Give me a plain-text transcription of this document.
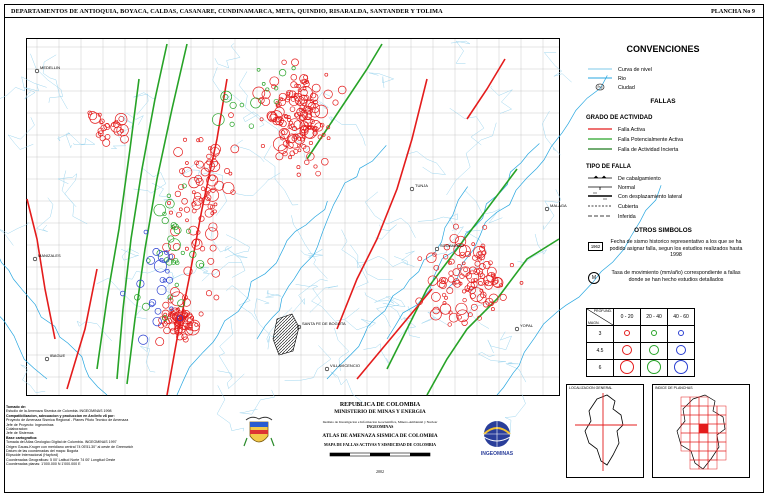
DEPARTAMENTOS DE ANTIOQUIA, BOYACA, CALDAS, CASANARE, CUNDINAMARCA, META, QUINDIO, RISARALDA, SANTANDER Y TOLIMA	PLANCHA No 9
MEDELLIN
MANIZALES
IBAGUE
SANTA FE DE BOGOTA
TUNJA
MALAGA
SOGAMOSO
YOPAL
VILLAVICENCIO
CONVENCIONES
Curva de nivel
Rio
Ciudad
FALLAS
GRADO DE ACTIVIDAD
Falla Activa
Falla Potencialmente Activa
Falla de Actividad Incierta
TIPO DE FALLA
De cabalgamiento
Normal
Con desplazamiento lateral
Cubierta
Inferida
OTROS SIMBOLOS
1962
Fecha de sismo historico representativo a los que se ha podido asignar falla, segun los estudios realizados hasta 1998
M
Tasa de movimiento (mm/año) correspondiente a fallas donde se han hecho estudios detallados
PROFUND.
MAGN.	0 - 20	20 - 40	40 - 60
3			
4.5			
6			
LOCALIZACION GENERAL	INDICE DE PLANCHAS
Tomado de:
Estudio de la Amenaza Sismica de Colombia. INGEOMINAS 1998
Compatibilizacion, adecuacion y produccion en Arc/info v8 por:
Proyecto de Amenaza Sismica Regional - Planes Piloto Tecnico de Amenaza
Jefe de Proyecto: Ingeominas
Colaboracion:
Jefe de Sistemas
Base cartografica:
Tomada del Atlas Geologico Digital de Colombia. INGEOMINAS 1997
Origen Gauss-Kruger con meridiano central 74 05'51.30" al oeste de Greenwich
Datum de las coordenadas del mapa: Bogota
Elipsoide Internacional (Hayford)
Coordenadas Geograficas: 5 00' Latitud Norte 74 00' Longitud Oeste
Coordenadas planas: 1'000.000 N 1'000.000 E
INGEOMINAS
REPUBLICA DE COLOMBIA
MINISTERIO DE MINAS Y ENERGIA
Instituto de Investigacion e Informacion Geocientifica, Minero-Ambiental y Nuclear
INGEOMINAS
ATLAS DE AMENAZA SISMICA DE COLOMBIA
MAPA DE FALLAS ACTIVAS Y SISMICIDAD DE COLOMBIA
2002
